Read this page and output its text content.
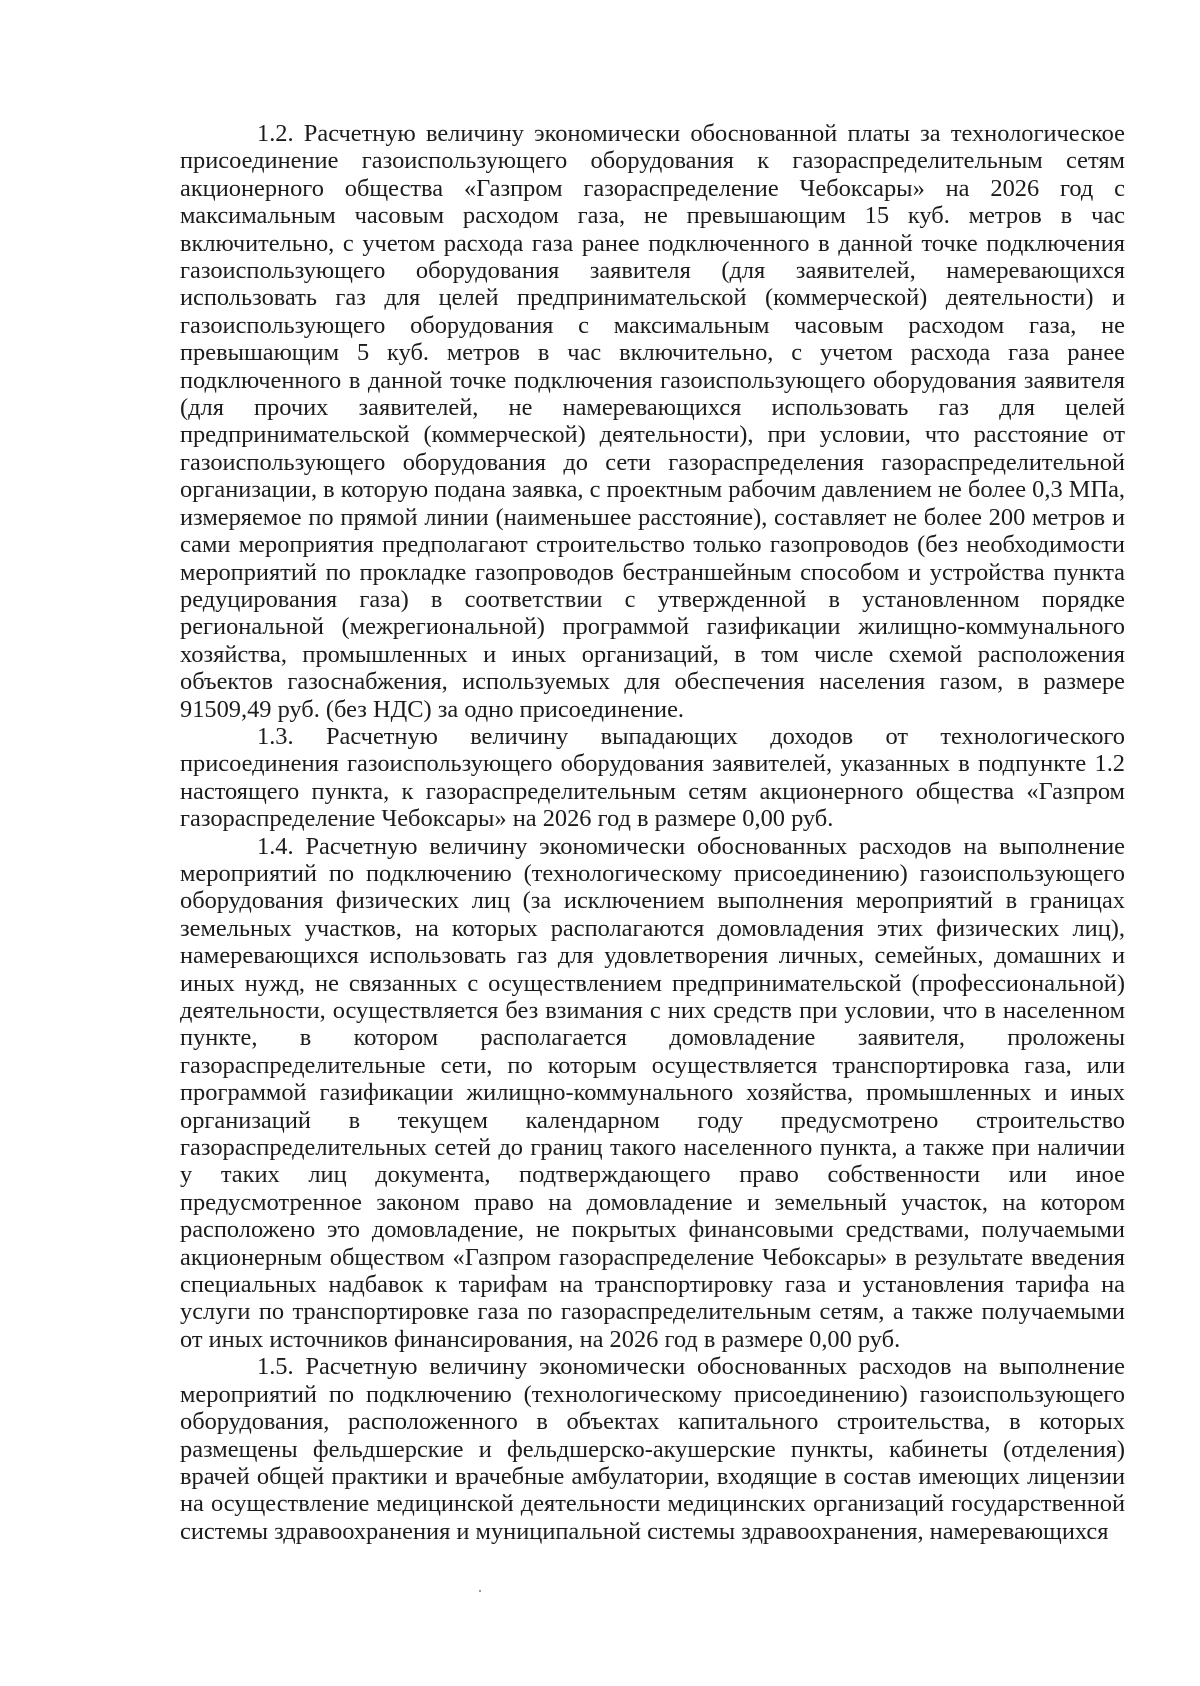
1.2. Расчетную величину экономически обоснованной платы за технологическое присоединение газоиспользующего оборудования к газораспределительным сетям акционерного общества «Газпром газораспределение Чебоксары» на 2026 год с максимальным часовым расходом газа, не превышающим 15 куб. метров в час включительно, с учетом расхода газа ранее подключенного в данной точке подключения газоиспользующего оборудования заявителя (для заявителей, намеревающихся использовать газ для целей предпринимательской (коммерческой) деятельности) и газоиспользующего оборудования с максимальным часовым расходом газа, не превышающим 5 куб. метров в час включительно, с учетом расхода газа ранее подключенного в данной точке подключения газоиспользующего оборудования заявителя (для прочих заявителей, не намеревающихся использовать газ для целей предпринимательской (коммерческой) деятельности), при условии, что расстояние от газоиспользующего оборудования до сети газораспределения газораспределительной организации, в которую подана заявка, с проектным рабочим давлением не более 0,3 МПа, измеряемое по прямой линии (наименьшее расстояние), составляет не более 200 метров и сами мероприятия предполагают строительство только газопроводов (без необходимости мероприятий по прокладке газопроводов бестраншейным способом и устройства пункта редуцирования газа) в соответствии с утвержденной в установленном порядке региональной (межрегиональной) программой газификации жилищно-коммунального хозяйства, промышленных и иных организаций, в том числе схемой расположения объектов газоснабжения, используемых для обеспечения населения газом, в размере 91509,49 руб. (без НДС) за одно присоединение.

1.3. Расчетную величину выпадающих доходов от технологического присоединения газоиспользующего оборудования заявителей, указанных в подпункте 1.2 настоящего пункта, к газораспределительным сетям акционерного общества «Газпром газораспределение Чебоксары» на 2026 год в размере 0,00 руб.

1.4. Расчетную величину экономически обоснованных расходов на выполнение мероприятий по подключению (технологическому присоединению) газоиспользующего оборудования физических лиц (за исключением выполнения мероприятий в границах земельных участков, на которых располагаются домовладения этих физических лиц), намеревающихся использовать газ для удовлетворения личных, семейных, домашних и иных нужд, не связанных с осуществлением предпринимательской (профессиональной) деятельности, осуществляется без взимания с них средств при условии, что в населенном пункте, в котором располагается домовладение заявителя, проложены газораспределительные сети, по которым осуществляется транспортировка газа, или программой газификации жилищно-коммунального хозяйства, промышленных и иных организаций в текущем календарном году предусмотрено строительство газораспределительных сетей до границ такого населенного пункта, а также при наличии у таких лиц документа, подтверждающего право собственности или иное предусмотренное законом право на домовладение и земельный участок, на котором расположено это домовладение, не покрытых финансовыми средствами, получаемыми акционерным обществом «Газпром газораспределение Чебоксары» в результате введения специальных надбавок к тарифам на транспортировку газа и установления тарифа на услуги по транспортировке газа по газораспределительным сетям, а также получаемыми от иных источников финансирования, на 2026 год в размере 0,00 руб.

1.5. Расчетную величину экономически обоснованных расходов на выполнение мероприятий по подключению (технологическому присоединению) газоиспользующего оборудования, расположенного в объектах капитального строительства, в которых размещены фельдшерские и фельдшерско-акушерские пункты, кабинеты (отделения) врачей общей практики и врачебные амбулатории, входящие в состав имеющих лицензии на осуществление медицинской деятельности медицинских организаций государственной системы здравоохранения и муниципальной системы здравоохранения, намеревающихся
